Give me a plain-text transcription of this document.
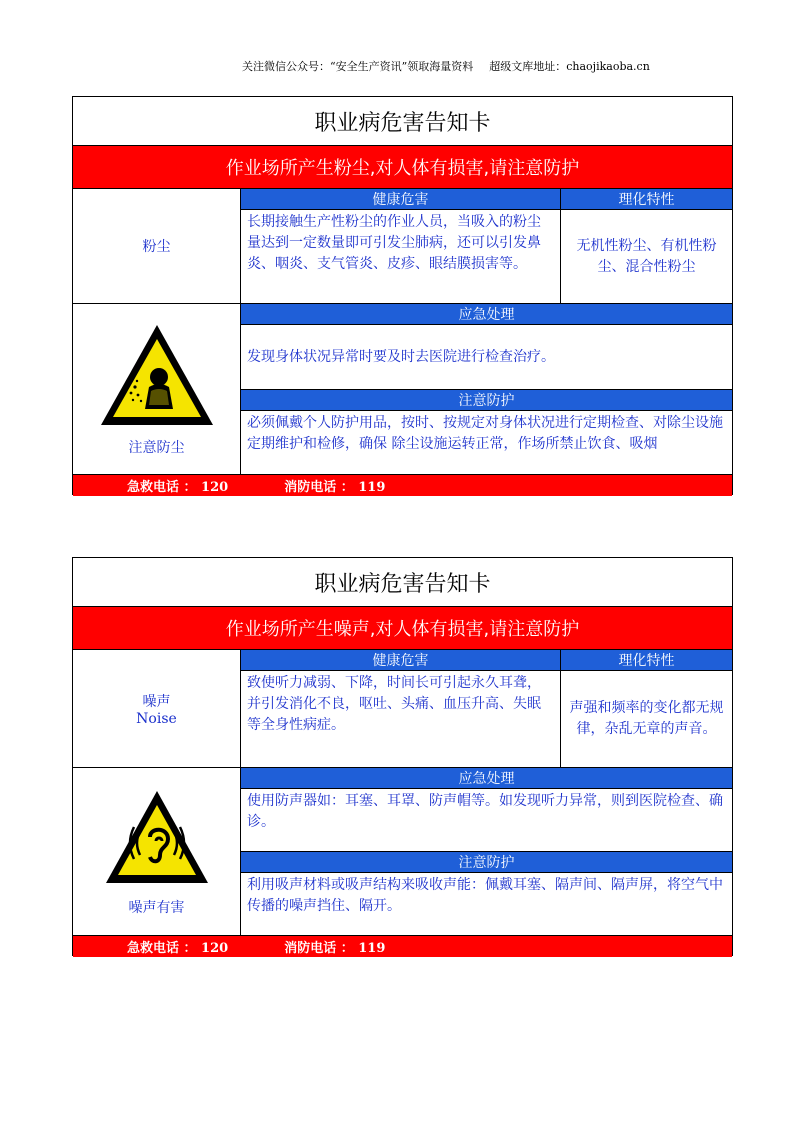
关注微信公众号：“安全生产资讯”领取海量资料 超级文库地址：chaojikaoba.cn
职业病危害告知卡
作业场所产生粉尘,对人体有损害,请注意防护
粉尘
健康危害
长期接触生产性粉尘的作业人员，当吸入的粉尘量达到一定数量即可引发尘肺病，还可以引发鼻炎、咽炎、支气管炎、皮疹、眼结膜损害等。
理化特性
无机性粉尘、有机性粉尘、混合性粉尘
注意防尘
应急处理
发现身体状况异常时要及时去医院进行检查治疗。
注意防护
必须佩戴个人防护用品，按时、按规定对身体状况进行定期检查、对除尘设施定期维护和检修，确保 除尘设施运转正常，作场所禁止饮食、吸烟
急救电话 ： 120	消防电话 ： 119
职业病危害告知卡
作业场所产生噪声,对人体有损害,请注意防护
噪声
Noise
健康危害
致使听力减弱、下降，时间长可引起永久耳聋，并引发消化不良，呕吐、头痛、血压升高、失眠等全身性病症。
理化特性
声强和频率的变化都无规律，杂乱无章的声音。
噪声有害
应急处理
使用防声器如：耳塞、耳罩、防声帽等。如发现听力异常，则到医院检查、确诊。
注意防护
利用吸声材料或吸声结构来吸收声能：佩戴耳塞、隔声间、隔声屏，将空气中传播的噪声挡住、隔开。
急救电话 ： 120	消防电话 ： 119
